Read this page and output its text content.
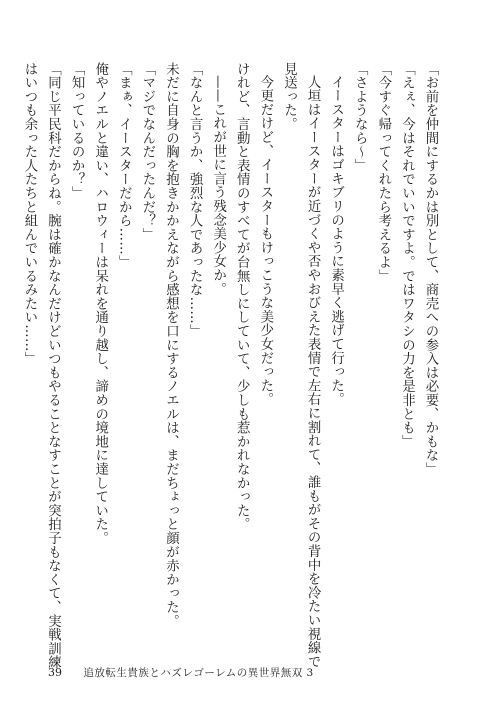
「お前を仲間にするかは別として、商売への参入は必要、かもな」
「えぇ、今はそれでいいですよ。ではワタシの力を是非とも」
「今すぐ帰ってくれたら考えるよ」
「さようなら〜」
イースターはゴキブリのように素早く逃げて行った。
人垣はイースターが近づくや否やおびえた表情で左右に割れて、誰もがその背中を冷たい視線で
見送った。
今更だけど、イースターもけっこうな美少女だった。
けれど、言動と表情のすべてが台無しにしていて、少しも惹かれなかった。
——これが世に言う残念美少女か。
「なんと言うか、強烈な人であったな……」
未だに自身の胸を抱きかかえながら感想を口にするノエルは、まだちょっと顔が赤かった。
「マジでなんだったんだ？」
「まぁ、イースターだから……」
俺やノエルと違い、ハロウィーは呆れを通り越し、諦めの境地に達していた。
「知っているのか？」
「同じ平民科だからね。腕は確かなんだけどいつもやることなすことが突拍子もなくて、実戦訓練
はいつも余った人たちと組んでいるみたい……」
39 追放転生貴族とハズレゴーレムの異世界無双 3
